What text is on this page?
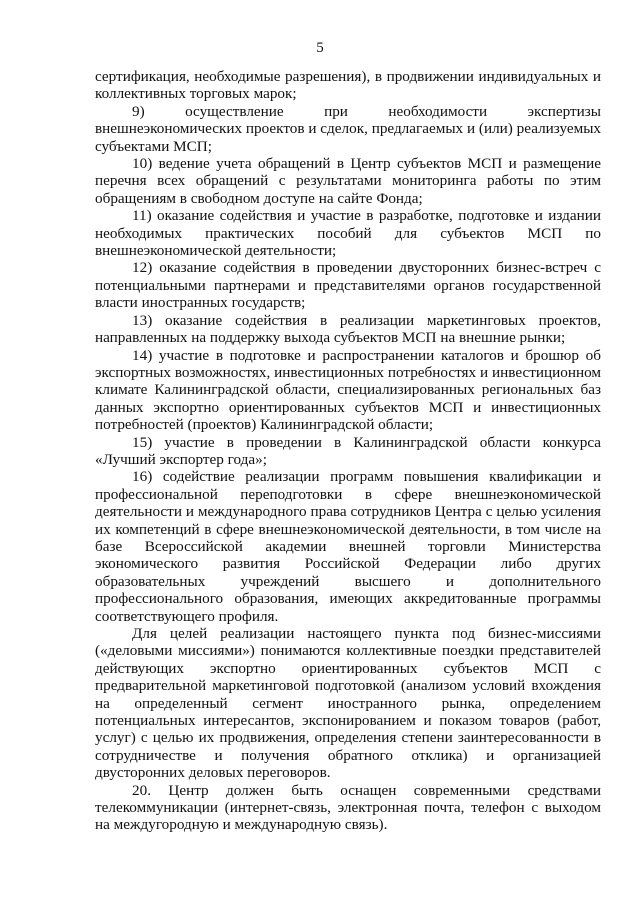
5

сертификация, необходимые разрешения), в продвижении индивидуальных и коллективных торговых марок;

9) осуществление при необходимости экспертизы внешнеэкономических проектов и сделок, предлагаемых и (или) реализуемых субъектами МСП;

10) ведение учета обращений в Центр субъектов МСП и размещение перечня всех обращений с результатами мониторинга работы по этим обращениям в свободном доступе на сайте Фонда;

11) оказание содействия и участие в разработке, подготовке и издании необходимых практических пособий для субъектов МСП по внешнеэкономической деятельности;

12) оказание содействия в проведении двусторонних бизнес-встреч с потенциальными партнерами и представителями органов государственной власти иностранных государств;

13) оказание содействия в реализации маркетинговых проектов, направленных на поддержку выхода субъектов МСП на внешние рынки;

14) участие в подготовке и распространении каталогов и брошюр об экспортных возможностях, инвестиционных потребностях и инвестиционном климате Калининградской области, специализированных региональных баз данных экспортно ориентированных субъектов МСП и инвестиционных потребностей (проектов) Калининградской области;

15) участие в проведении в Калининградской области конкурса «Лучший экспортер года»;

16) содействие реализации программ повышения квалификации и профессиональной переподготовки в сфере внешнеэкономической деятельности и международного права сотрудников Центра с целью усиления их компетенций в сфере внешнеэкономической деятельности, в том числе на базе Всероссийской академии внешней торговли Министерства экономического развития Российской Федерации либо других образовательных учреждений высшего и дополнительного профессионального образования, имеющих аккредитованные программы соответствующего профиля.

Для целей реализации настоящего пункта под бизнес-миссиями («деловыми миссиями») понимаются коллективные поездки представителей действующих экспортно ориентированных субъектов МСП с предварительной маркетинговой подготовкой (анализом условий вхождения на определенный сегмент иностранного рынка, определением потенциальных интересантов, экспонированием и показом товаров (работ, услуг) с целью их продвижения, определения степени заинтересованности в сотрудничестве и получения обратного отклика) и организацией двусторонних деловых переговоров.

20. Центр должен быть оснащен современными средствами телекоммуникации (интернет-связь, электронная почта, телефон с выходом на междугородную и международную связь).
